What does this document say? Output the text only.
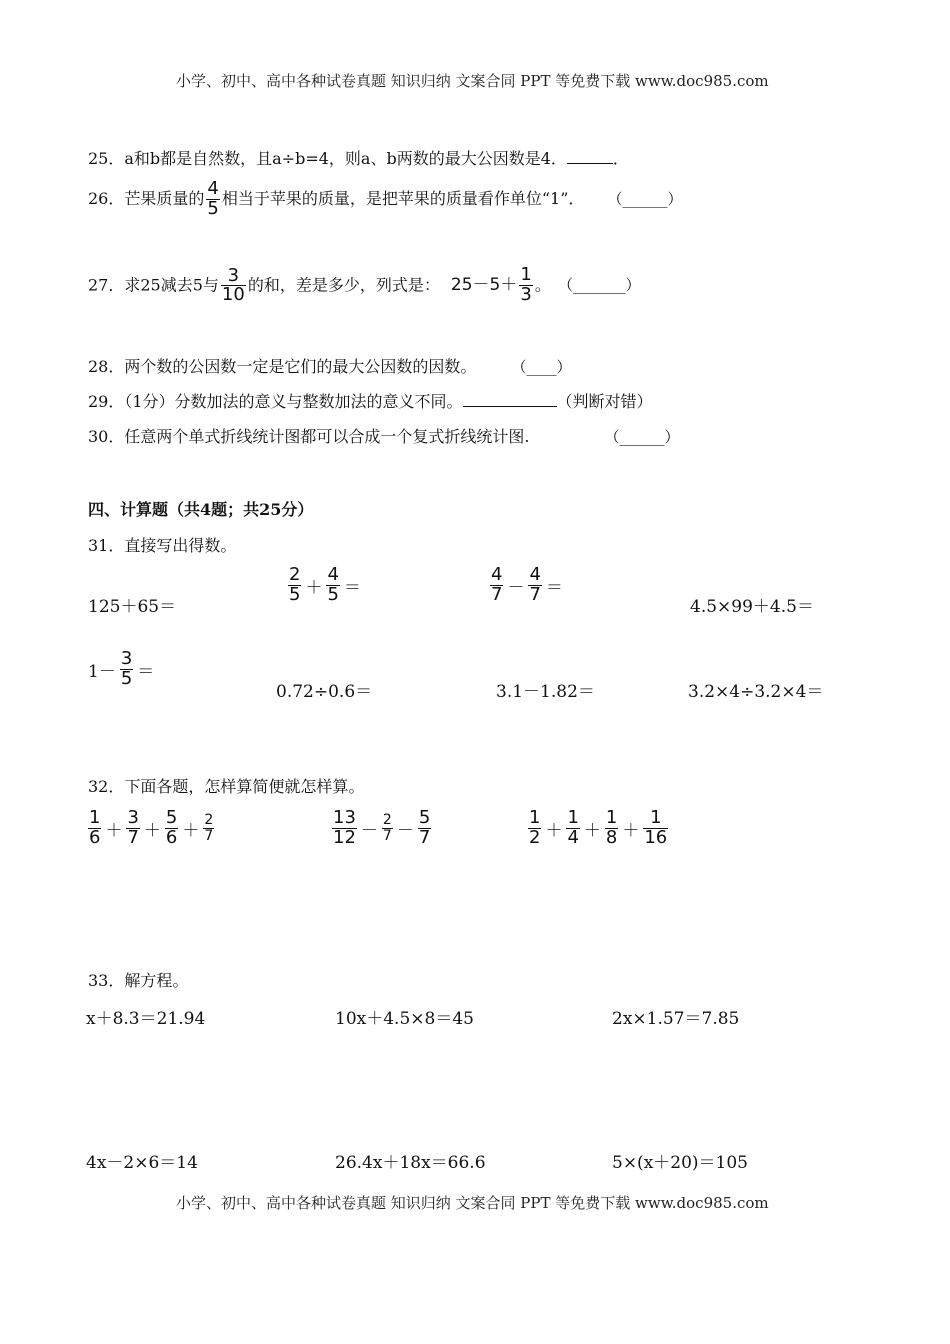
小学、初中、高中各种试卷真题 知识归纳 文案合同 PPT 等免费下载 www.doc985.com
25．a和b都是自然数，且a÷b=4，则a、b两数的最大公因数是4．	．
26．芒果质量的 $\frac{4}{5}$ 相当于苹果的质量，是把苹果的质量看作单位“1”． （______）
27．求25减去5与 $\frac{3}{10}$ 的和，差是多少，列式是： $25-5+ \frac{1}{3}$ 。 （_______）
28．两个数的公因数一定是它们的最大公因数的因数。 （____）
29．（1分）分数加法的意义与整数加法的意义不同。	（判断对错）
30．任意两个单式折线统计图都可以合成一个复式折线统计图.	（______）
四、计算题（共4题；共25分）
31．直接写出得数。
125＋65＝
$\frac{2}{5} + \frac{4}{5}$ ＝	$\frac{4}{7} - \frac{4}{7}$ ＝
4.5×99＋4.5＝
$1- \frac{3}{5}$ ＝
0.72÷0.6＝	3.1－1.82＝	3.2×4÷3.2×4＝
32．下面各题，怎样算简便就怎样算。
$\frac{1}{6} + \frac{3}{7} + \frac{5}{6} + \frac{2}{7}$	$\frac{13}{12} - \frac{2}{7} - \frac{5}{7}$	$\frac{1}{2} + \frac{1}{4} + \frac{1}{8} + \frac{1}{16}$
33．解方程。
x＋8.3＝21.94	10x＋4.5×8＝45	2x×1.57＝7.85
4x－2×6＝14	26.4x＋18x＝66.6	5×(x＋20)＝105
小学、初中、高中各种试卷真题 知识归纳 文案合同 PPT 等免费下载 www.doc985.com
